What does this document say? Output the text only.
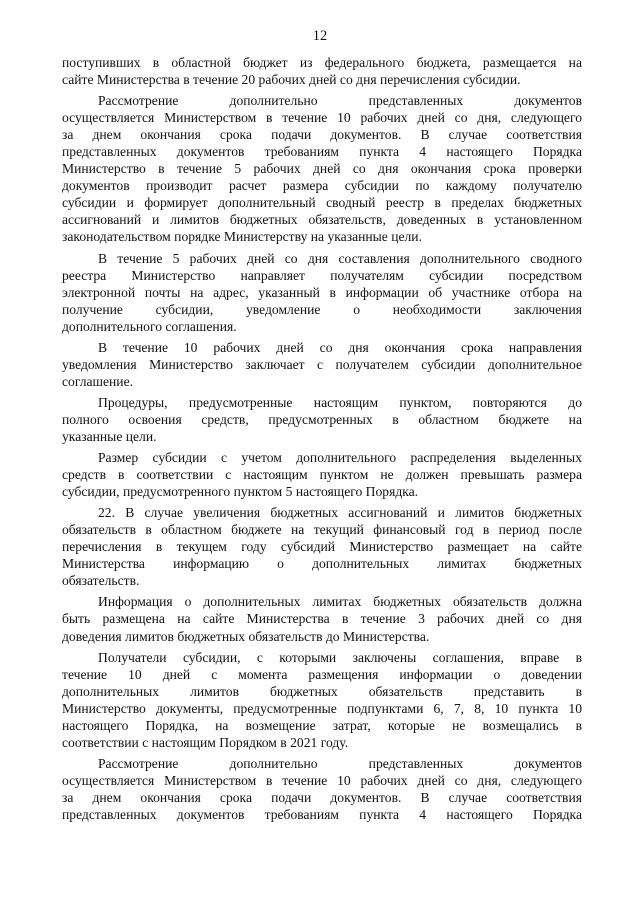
12
поступивших в областной бюджет из федерального бюджета, размещается на
сайте Министерства в течение 20 рабочих дней со дня перечисления субсидии.
Рассмотрение дополнительно представленных документов
осуществляется Министерством в течение 10 рабочих дней со дня, следующего
за днем окончания срока подачи документов. В случае соответствия
представленных документов требованиям пункта 4 настоящего Порядка
Министерство в течение 5 рабочих дней со дня окончания срока проверки
документов производит расчет размера субсидии по каждому получателю
субсидии и формирует дополнительный сводный реестр в пределах бюджетных
ассигнований и лимитов бюджетных обязательств, доведенных в установленном
законодательством порядке Министерству на указанные цели.
В течение 5 рабочих дней со дня составления дополнительного сводного
реестра Министерство направляет получателям субсидии посредством
электронной почты на адрес, указанный в информации об участнике отбора на
получение субсидии, уведомление о необходимости заключения
дополнительного соглашения.
В течение 10 рабочих дней со дня окончания срока направления
уведомления Министерство заключает с получателем субсидии дополнительное
соглашение.
Процедуры, предусмотренные настоящим пунктом, повторяются до
полного освоения средств, предусмотренных в областном бюджете на
указанные цели.
Размер субсидии с учетом дополнительного распределения выделенных
средств в соответствии с настоящим пунктом не должен превышать размера
субсидии, предусмотренного пунктом 5 настоящего Порядка.
22. В случае увеличения бюджетных ассигнований и лимитов бюджетных
обязательств в областном бюджете на текущий финансовый год в период после
перечисления в текущем году субсидий Министерство размещает на сайте
Министерства информацию о дополнительных лимитах бюджетных
обязательств.
Информация о дополнительных лимитах бюджетных обязательств должна
быть размещена на сайте Министерства в течение 3 рабочих дней со дня
доведения лимитов бюджетных обязательств до Министерства.
Получатели субсидии, с которыми заключены соглашения, вправе в
течение 10 дней с момента размещения информации о доведении
дополнительных лимитов бюджетных обязательств представить в
Министерство документы, предусмотренные подпунктами 6, 7, 8, 10 пункта 10
настоящего Порядка, на возмещение затрат, которые не возмещались в
соответствии с настоящим Порядком в 2021 году.
Рассмотрение дополнительно представленных документов
осуществляется Министерством в течение 10 рабочих дней со дня, следующего
за днем окончания срока подачи документов. В случае соответствия
представленных документов требованиям пункта 4 настоящего Порядка
